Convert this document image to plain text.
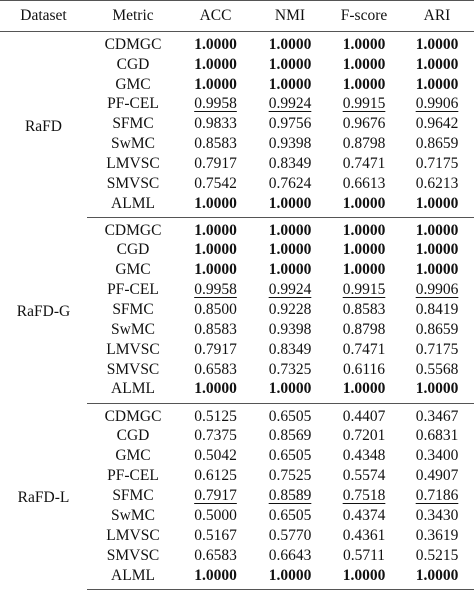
Dataset	Metric	ACC	NMI	F-score	ARI
RaFD	CDMGC	1.0000	1.0000	1.0000	1.0000
	CGD	1.0000	1.0000	1.0000	1.0000
	GMC	1.0000	1.0000	1.0000	1.0000
	PF-CEL	0.9958	0.9924	0.9915	0.9906
	SFMC	0.9833	0.9756	0.9676	0.9642
	SwMC	0.8583	0.9398	0.8798	0.8659
	LMVSC	0.7917	0.8349	0.7471	0.7175
	SMVSC	0.7542	0.7624	0.6613	0.6213
	ALML	1.0000	1.0000	1.0000	1.0000
RaFD-G	CDMGC	1.0000	1.0000	1.0000	1.0000
	CGD	1.0000	1.0000	1.0000	1.0000
	GMC	1.0000	1.0000	1.0000	1.0000
	PF-CEL	0.9958	0.9924	0.9915	0.9906
	SFMC	0.8500	0.9228	0.8583	0.8419
	SwMC	0.8583	0.9398	0.8798	0.8659
	LMVSC	0.7917	0.8349	0.7471	0.7175
	SMVSC	0.6583	0.7325	0.6116	0.5568
	ALML	1.0000	1.0000	1.0000	1.0000
RaFD-L	CDMGC	0.5125	0.6505	0.4407	0.3467
	CGD	0.7375	0.8569	0.7201	0.6831
	GMC	0.5042	0.6505	0.4348	0.3400
	PF-CEL	0.6125	0.7525	0.5574	0.4907
	SFMC	0.7917	0.8589	0.7518	0.7186
	SwMC	0.5000	0.6505	0.4374	0.3430
	LMVSC	0.5167	0.5770	0.4361	0.3619
	SMVSC	0.6583	0.6643	0.5711	0.5215
	ALML	1.0000	1.0000	1.0000	1.0000
